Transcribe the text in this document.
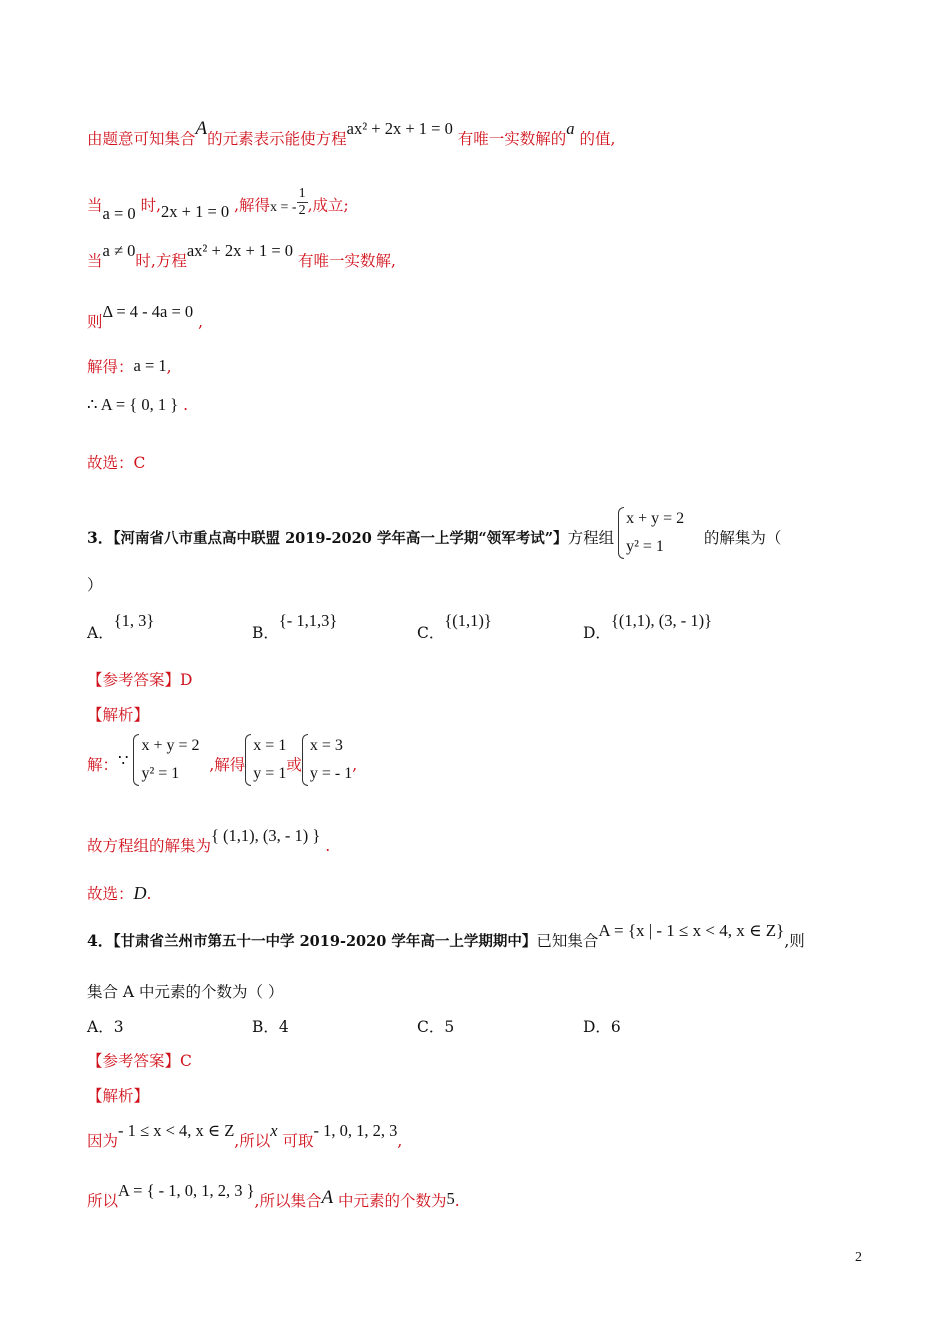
由题意可知集合A的元素表示能使方程ax² + 2x + 1 = 0 有唯一实数解的a 的值,
当a = 0 时,2x + 1 = 0 ,解得x = - $\frac{1}{2}$ ,成立;
当a ≠ 0时,方程ax² + 2x + 1 = 0 有唯一实数解,
则Δ = 4 - 4a = 0 ,
解得：a = 1,
∴ A = { 0, 1 } .
故选：C
3．【河南省八市重点高中联盟 2019-2020 学年高一上学期“领军考试”】方程组
x + y = 2
y² = 1	的解集为（
）
A．{1, 3}
B．{- 1,1,3}
C．{(1,1)}
D．{(1,1), (3, - 1)}
【参考答案】D
【解析】
解：∵
x + y = 2
y² = 1	,解得
x = 1
y = 1 或
x = 3
y = - 1 ,
故方程组的解集为{ (1,1), (3, - 1) } .
故选：D.
4．【甘肃省兰州市第五十一中学 2019-2020 学年高一上学期期中】已知集合A = {x | - 1 ≤ x < 4, x ∈ Z},则
集合 A 中元素的个数为（ ）
A．3	B．4	C．5	D．6
【参考答案】C
【解析】
因为- 1 ≤ x < 4, x ∈ Z,所以x 可取- 1, 0, 1, 2, 3,
所以A = { - 1, 0, 1, 2, 3 },所以集合A 中元素的个数为5.
2
